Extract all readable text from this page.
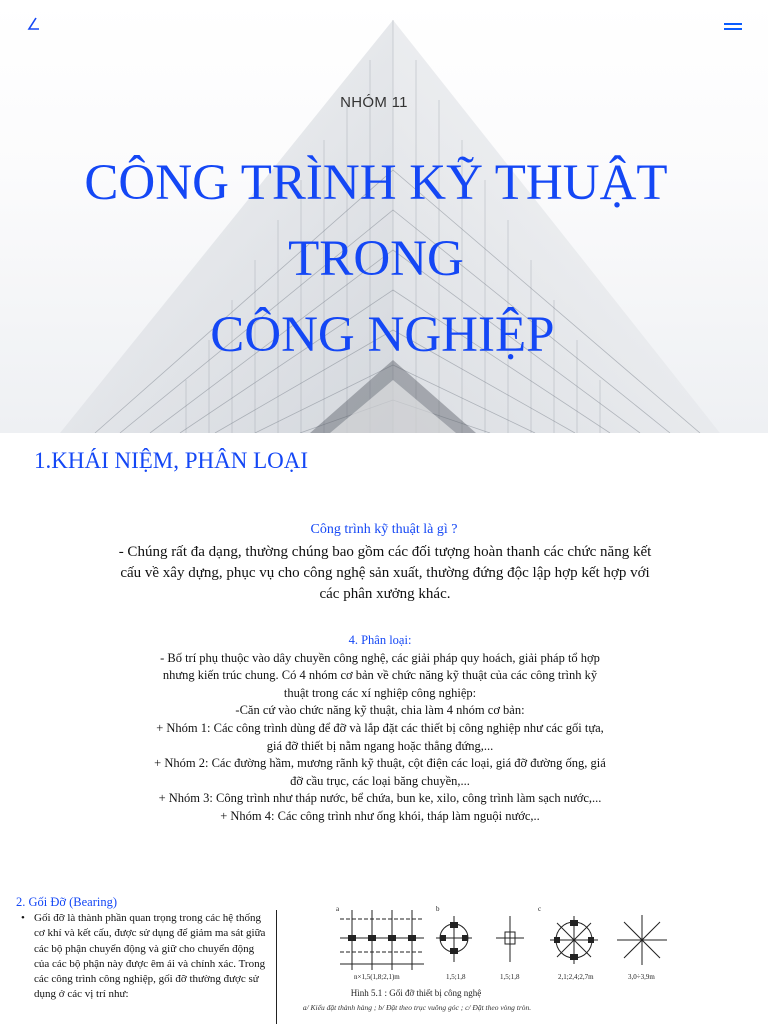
NHÓM 11
CÔNG TRÌNH KỸ THUẬT
TRONG
CÔNG NGHIỆP
1.KHÁI NIỆM, PHÂN LOẠI
Công trình kỹ thuật là gì ?
- Chúng rất đa dạng, thường chúng bao gồm các đối tượng hoàn thanh các chức năng kết cấu về xây dựng, phục vụ cho công nghệ sản xuất, thường đứng độc lập hợp kết hợp với các phân xưởng khác.
4. Phân loại:
- Bố trí phụ thuộc vào dây chuyền công nghệ, các giải pháp quy hoách, giải pháp tổ hợp
nhưng kiến trúc chung. Có 4 nhóm cơ bản về chức năng kỹ thuật của các công trình kỹ
thuật trong các xí nghiệp công nghiệp:
-Căn cứ vào chức năng kỹ thuật, chia làm 4 nhóm cơ bản:
+ Nhóm 1: Các công trình dùng để đỡ và lắp đặt các thiết bị công nghiệp như các gối tựa,
giá đỡ thiết bị nằm ngang hoặc thẳng đứng,...
+ Nhóm 2: Các đường hầm, mương rãnh kỹ thuật, cột điện các loại, giá đỡ đường ống, giá
đỡ cầu trục, các loại băng chuyền,...
+ Nhóm 3: Công trình như tháp nước, bể chứa, bun ke, xilo, công trình làm sạch nước,...
+ Nhóm 4: Các công trình như ống khói, tháp làm nguội nước,..
2. Gối Đỡ (Bearing)
• Gối đỡ là thành phần quan trọng trong các hệ thống cơ khí và kết cấu, được sử dụng để giảm ma sát giữa các bộ phận chuyển động và giữ cho chuyển động của các bộ phận này được êm ái và chính xác. Trong các công trình công nghiệp, gối đỡ thường được sử dụng ở các vị trí như:
a	b	c
n×1,5(1,8;2,1)m	1,5;1,8	1,5;1,8	2,1;2,4;2,7m	3,0÷3,9m
Hình 5.1 : Gối đỡ thiết bị công nghệ
a/ Kiểu đặt thành hàng ; b/ Đặt theo trục vuông góc ; c/ Đặt theo vòng tròn.
